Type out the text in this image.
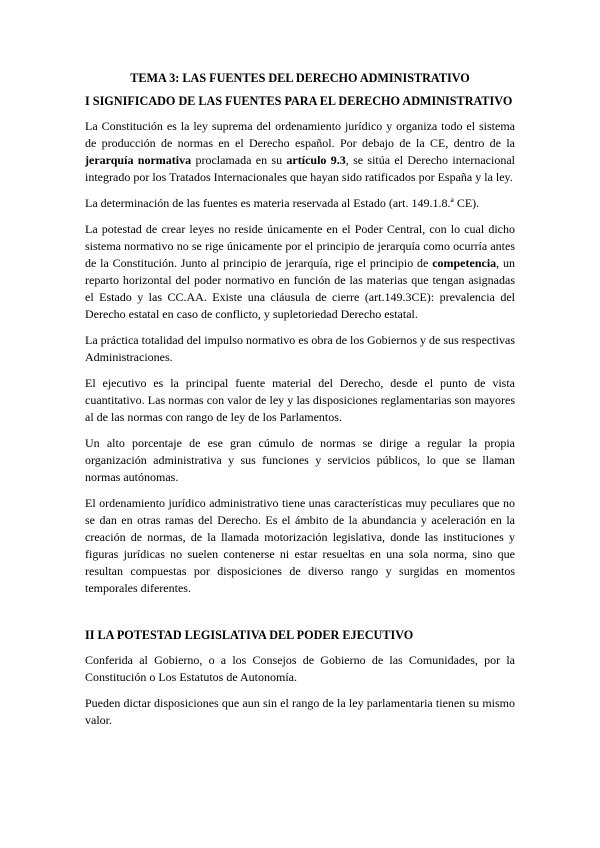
TEMA 3: LAS FUENTES DEL DERECHO ADMINISTRATIVO
I SIGNIFICADO DE LAS FUENTES PARA EL DERECHO ADMINISTRATIVO

La Constitución es la ley suprema del ordenamiento jurídico y organiza todo el sistema de producción de normas en el Derecho español. Por debajo de la CE, dentro de la jerarquía normativa proclamada en su artículo 9.3, se sitúa el Derecho internacional integrado por los Tratados Internacionales que hayan sido ratificados por España y la ley.

La determinación de las fuentes es materia reservada al Estado (art. 149.1.8.ª CE).

La potestad de crear leyes no reside únicamente en el Poder Central, con lo cual dicho sistema normativo no se rige únicamente por el principio de jerarquía como ocurría antes de la Constitución. Junto al principio de jerarquía, rige el principio de competencia, un reparto horizontal del poder normativo en función de las materias que tengan asignadas el Estado y las CC.AA. Existe una cláusula de cierre (art.149.3CE): prevalencia del Derecho estatal en caso de conflicto, y supletoriedad Derecho estatal.

La práctica totalidad del impulso normativo es obra de los Gobiernos y de sus respectivas Administraciones.

El ejecutivo es la principal fuente material del Derecho, desde el punto de vista cuantitativo. Las normas con valor de ley y las disposiciones reglamentarias son mayores al de las normas con rango de ley de los Parlamentos.

Un alto porcentaje de ese gran cúmulo de normas se dirige a regular la propia organización administrativa y sus funciones y servicios públicos, lo que se llaman normas autónomas.

El ordenamiento jurídico administrativo tiene unas características muy peculiares que no se dan en otras ramas del Derecho. Es el ámbito de la abundancia y aceleración en la creación de normas, de la llamada motorización legislativa, donde las instituciones y figuras jurídicas no suelen contenerse ni estar resueltas en una sola norma, sino que resultan compuestas por disposiciones de diverso rango y surgidas en momentos temporales diferentes.

II LA POTESTAD LEGISLATIVA DEL PODER EJECUTIVO

Conferida al Gobierno, o a los Consejos de Gobierno de las Comunidades, por la Constitución o Los Estatutos de Autonomía.

Pueden dictar disposiciones que aun sin el rango de la ley parlamentaria tienen su mismo valor.
